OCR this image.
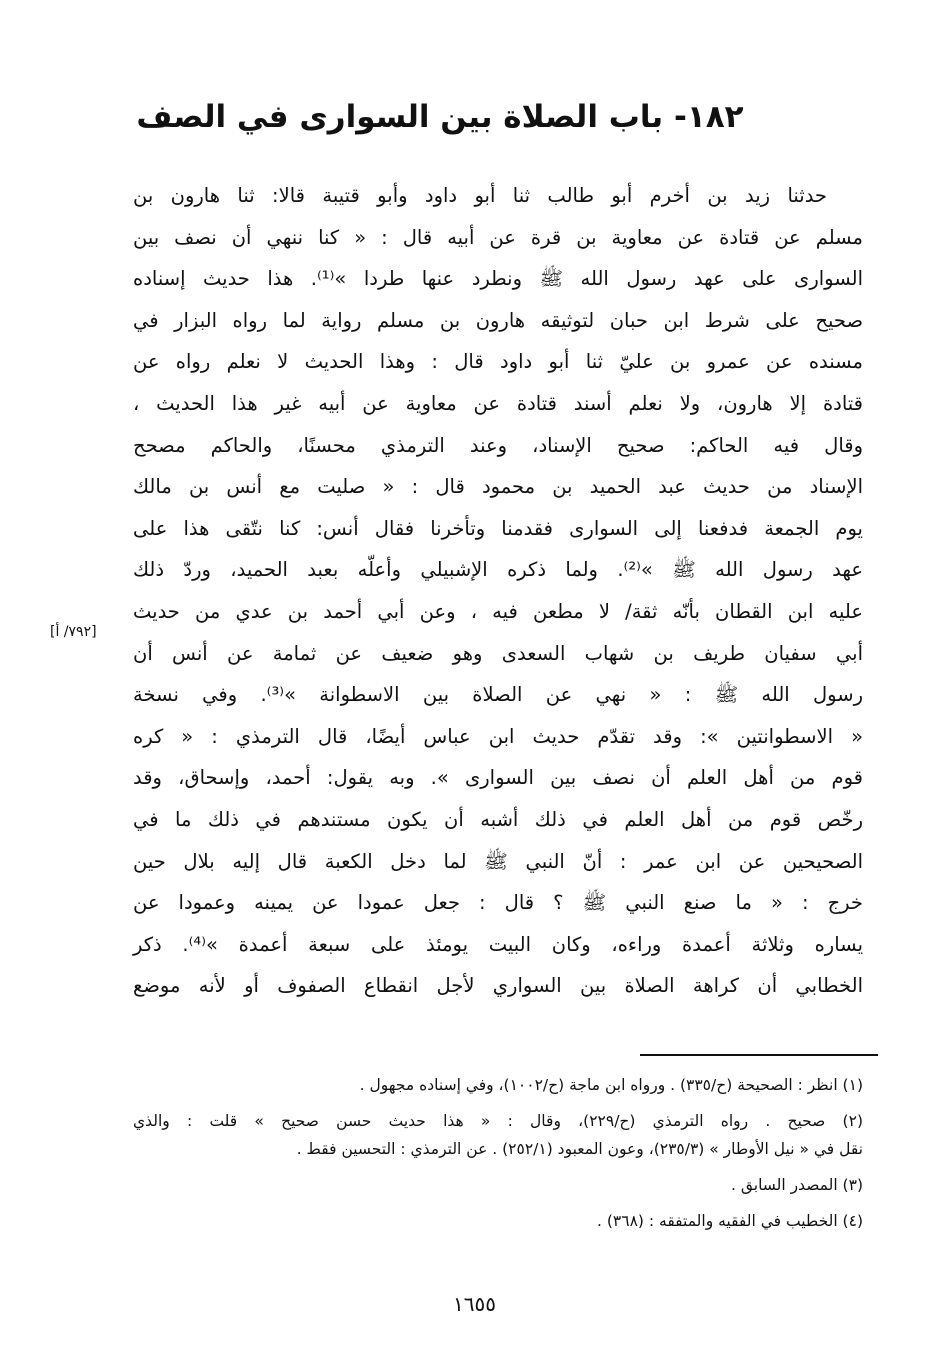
١٨٢- باب الصلاة بين السوارى في الصف
حدثنا زيد بن أخرم أبو طالب ثنا أبو داود وأبو قتيبة قالا: ثنا هارون بن
مسلم عن قتادة عن معاوية بن قرة عن أبيه قال : « كنا ننهي أن نصف بين
السوارى على عهد رسول الله ﷺ ونطرد عنها طردا »⁽¹⁾. هذا حديث إسناده
صحيح على شرط ابن حبان لتوثيقه هارون بن مسلم رواية لما رواه البزار في
مسنده عن عمرو بن عليّ ثنا أبو داود قال : وهذا الحديث لا نعلم رواه عن
قتادة إلا هارون، ولا نعلم أسند قتادة عن معاوية عن أبيه غير هذا الحديث ،
وقال فيه الحاكم: صحيح الإسناد، وعند الترمذي محسنًا، والحاكم مصحح
الإسناد من حديث عبد الحميد بن محمود قال : « صليت مع أنس بن مالك
يوم الجمعة فدفعنا إلى السوارى فقدمنا وتأخرنا فقال أنس: كنا نتّقى هذا على
عهد رسول الله ﷺ »⁽²⁾. ولما ذكره الإشبيلي وأعلّه بعبد الحميد، وردّ ذلك
عليه ابن القطان بأنّه ثقة/ لا مطعن فيه ، وعن أبي أحمد بن عدي من حديث
أبي سفيان طريف بن شهاب السعدى وهو ضعيف عن ثمامة عن أنس أن
رسول الله ﷺ : « نهي عن الصلاة بين الاسطوانة »⁽³⁾. وفي نسخة
« الاسطوانتين »: وقد تقدّم حديث ابن عباس أيضًا، قال الترمذي : « كره
قوم من أهل العلم أن نصف بين السوارى ». وبه يقول: أحمد، وإسحاق، وقد
رخّص قوم من أهل العلم في ذلك أشبه أن يكون مستندهم في ذلك ما في
الصحيحين عن ابن عمر : أنّ النبي ﷺ لما دخل الكعبة قال إليه بلال حين
خرج : « ما صنع النبي ﷺ ؟ قال : جعل عمودا عن يمينه وعمودا عن
يساره وثلاثة أعمدة وراءه، وكان البيت يومئذ على سبعة أعمدة »⁽⁴⁾. ذكر
الخطابي أن كراهة الصلاة بين السواري لأجل انقطاع الصفوف أو لأنه موضع
[٧٩٢/ أ]
(١) انظر : الصحيحة (ح/٣٣٥) . ورواه ابن ماجة (ح/١٠٠٢)، وفي إسناده مجهول .
(٢) صحيح . رواه الترمذي (ح/٢٢٩)، وقال : « هذا حديث حسن صحيح » قلت : والذي
نقل في « نيل الأوطار » (٢٣٥/٣)، وعون المعبود (٢٥٢/١) . عن الترمذي : التحسين فقط .
(٣) المصدر السابق .
(٤) الخطيب في الفقيه والمتفقه : (٣٦٨) .
١٦٥٥
